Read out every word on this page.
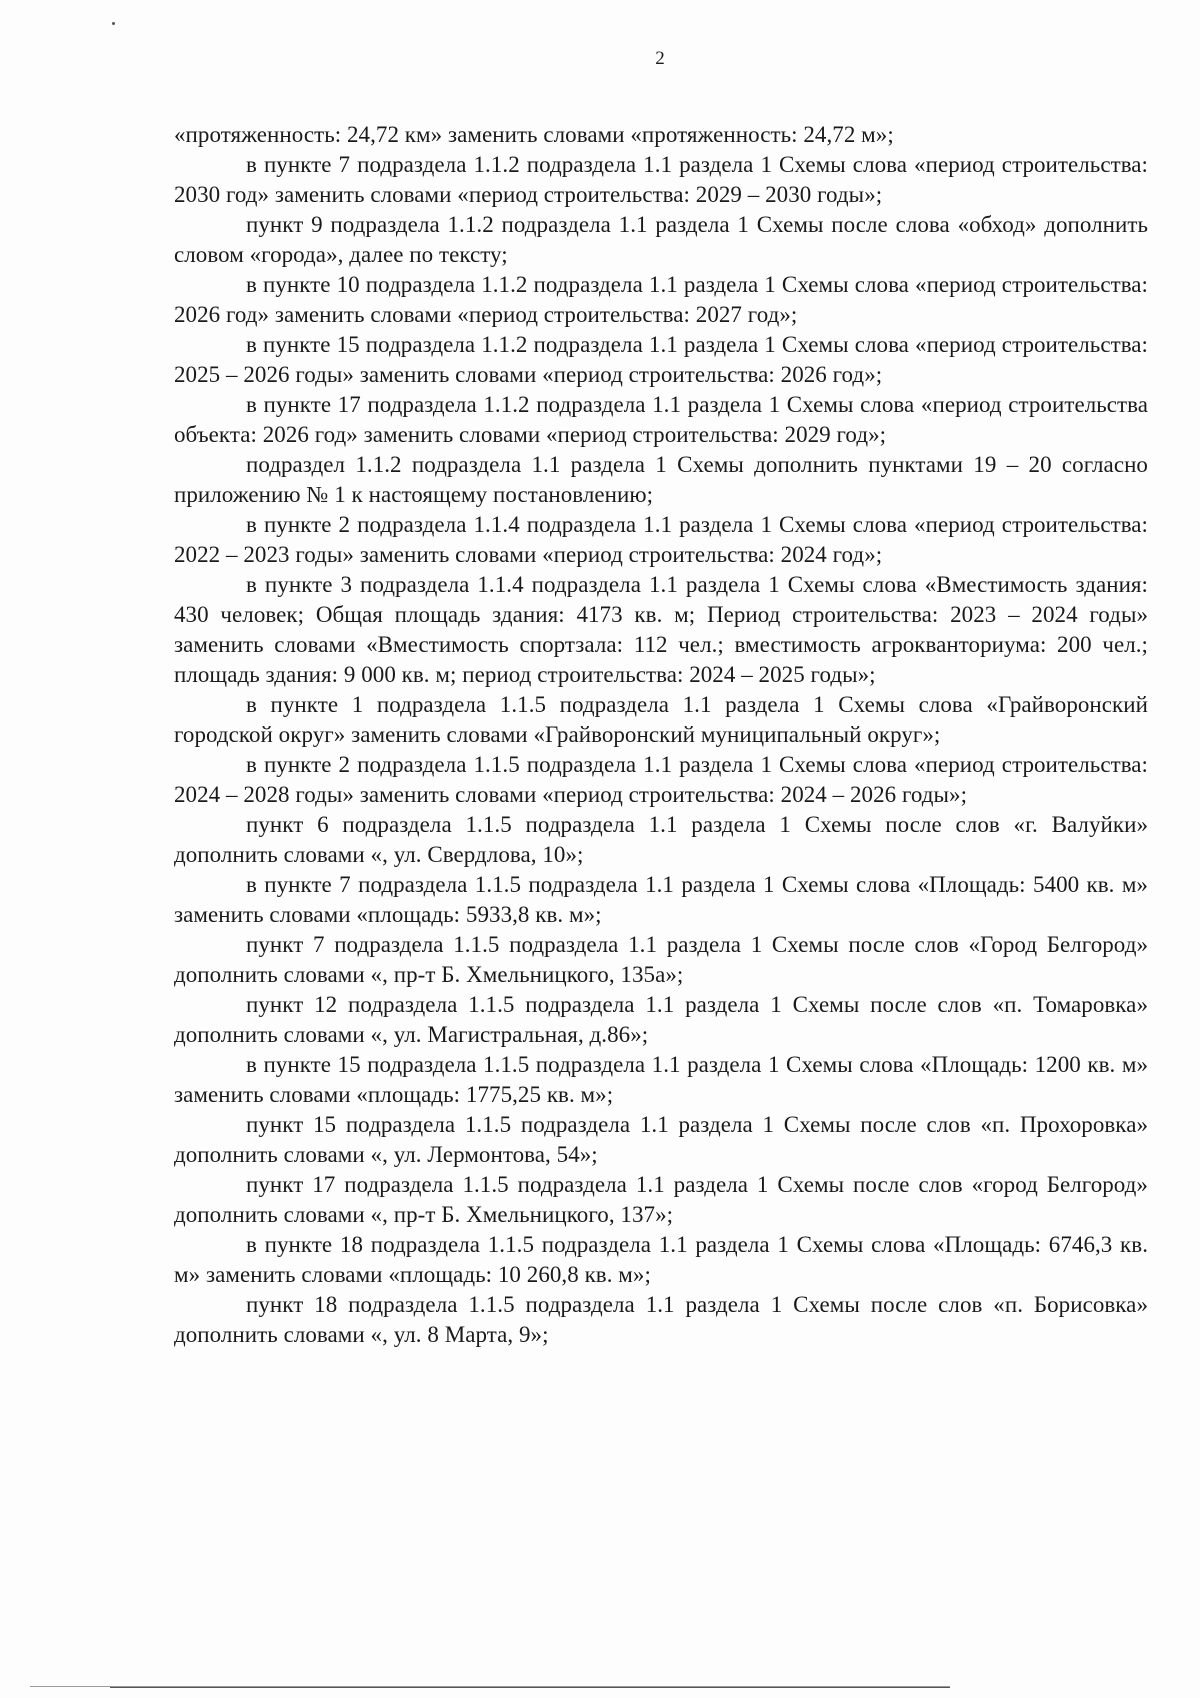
2

«протяженность: 24,72 км» заменить словами «протяженность: 24,72 м»;

в пункте 7 подраздела 1.1.2 подраздела 1.1 раздела 1 Схемы слова «период строительства: 2030 год» заменить словами «период строительства: 2029 – 2030 годы»;

пункт 9 подраздела 1.1.2 подраздела 1.1 раздела 1 Схемы после слова «обход» дополнить словом «города», далее по тексту;

в пункте 10 подраздела 1.1.2 подраздела 1.1 раздела 1 Схемы слова «период строительства: 2026 год» заменить словами «период строительства: 2027 год»;

в пункте 15 подраздела 1.1.2 подраздела 1.1 раздела 1 Схемы слова «период строительства: 2025 – 2026 годы» заменить словами «период строительства: 2026 год»;

в пункте 17 подраздела 1.1.2 подраздела 1.1 раздела 1 Схемы слова «период строительства объекта: 2026 год» заменить словами «период строительства: 2029 год»;

подраздел 1.1.2 подраздела 1.1 раздела 1 Схемы дополнить пунктами 19 – 20 согласно приложению № 1 к настоящему постановлению;

в пункте 2 подраздела 1.1.4 подраздела 1.1 раздела 1 Схемы слова «период строительства: 2022 – 2023 годы» заменить словами «период строительства: 2024 год»;

в пункте 3 подраздела 1.1.4 подраздела 1.1 раздела 1 Схемы слова «Вместимость здания: 430 человек; Общая площадь здания: 4173 кв. м; Период строительства: 2023 – 2024 годы» заменить словами «Вместимость спортзала: 112 чел.; вместимость агрокванториума: 200 чел.; площадь здания: 9 000 кв. м; период строительства: 2024 – 2025 годы»;

в пункте 1 подраздела 1.1.5 подраздела 1.1 раздела 1 Схемы слова «Грайворонский городской округ» заменить словами «Грайворонский муниципальный округ»;

в пункте 2 подраздела 1.1.5 подраздела 1.1 раздела 1 Схемы слова «период строительства: 2024 – 2028 годы» заменить словами «период строительства: 2024 – 2026 годы»;

пункт 6 подраздела 1.1.5 подраздела 1.1 раздела 1 Схемы после слов «г. Валуйки» дополнить словами «, ул. Свердлова, 10»;

в пункте 7 подраздела 1.1.5 подраздела 1.1 раздела 1 Схемы слова «Площадь: 5400 кв. м» заменить словами «площадь: 5933,8 кв. м»;

пункт 7 подраздела 1.1.5 подраздела 1.1 раздела 1 Схемы после слов «Город Белгород» дополнить словами «, пр-т Б. Хмельницкого, 135а»;

пункт 12 подраздела 1.1.5 подраздела 1.1 раздела 1 Схемы после слов «п. Томаровка» дополнить словами «, ул. Магистральная, д.86»;

в пункте 15 подраздела 1.1.5 подраздела 1.1 раздела 1 Схемы слова «Площадь: 1200 кв. м» заменить словами «площадь: 1775,25 кв. м»;

пункт 15 подраздела 1.1.5 подраздела 1.1 раздела 1 Схемы после слов «п. Прохоровка» дополнить словами «, ул. Лермонтова, 54»;

пункт 17 подраздела 1.1.5 подраздела 1.1 раздела 1 Схемы после слов «город Белгород» дополнить словами «, пр-т Б. Хмельницкого, 137»;

в пункте 18 подраздела 1.1.5 подраздела 1.1 раздела 1 Схемы слова «Площадь: 6746,3 кв. м» заменить словами «площадь: 10 260,8 кв. м»;

пункт 18 подраздела 1.1.5 подраздела 1.1 раздела 1 Схемы после слов «п. Борисовка» дополнить словами «, ул. 8 Марта, 9»;
